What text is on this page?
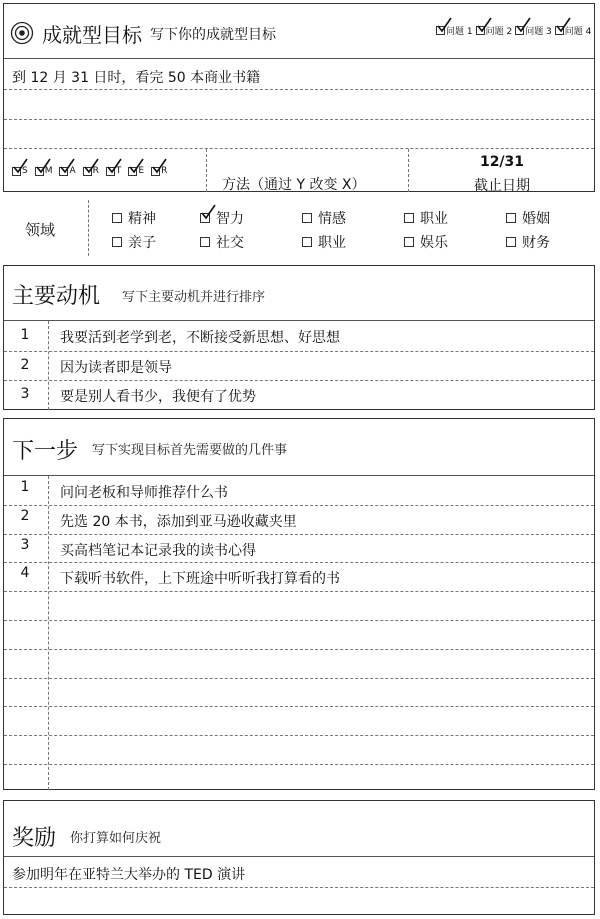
成就型目标 写下你的成就型目标	问题 1 问题 2 问题 3 问题 4
到 12 月 31 日时，看完 50 本商业书籍
S M A R T E R
方法（通过 Y 改变 X）
12/31
截止日期
领域
精神	智力	情感	职业	婚姻
亲子	社交	职业	娱乐	财务
主要动机 写下主要动机并进行排序
1	我要活到老学到老，不断接受新思想、好思想
2	因为读者即是领导
3	要是别人看书少，我便有了优势
下一步 写下实现目标首先需要做的几件事
1	问问老板和导师推荐什么书
2	先选 20 本书，添加到亚马逊收藏夹里
3	买高档笔记本记录我的读书心得
4	下载听书软件，上下班途中听听我打算看的书
奖励 你打算如何庆祝
参加明年在亚特兰大举办的 TED 演讲
